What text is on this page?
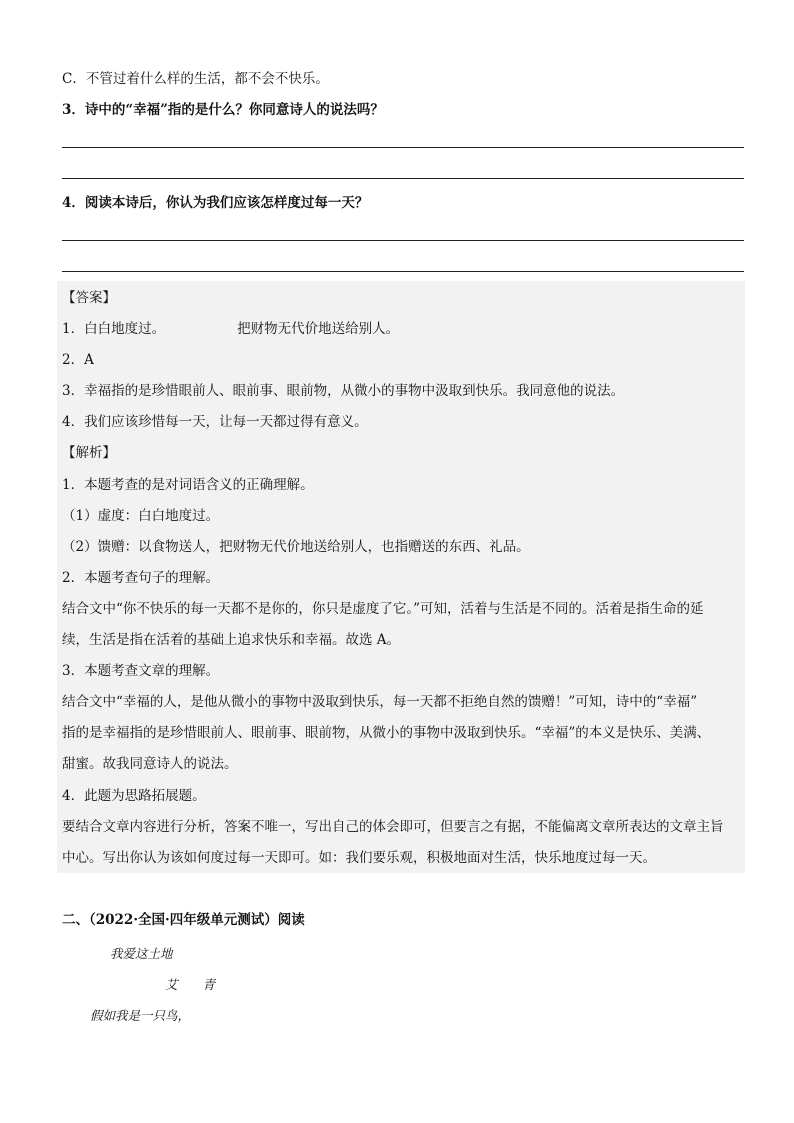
C．不管过着什么样的生活，都不会不快乐。
3．诗中的“幸福”指的是什么？你同意诗人的说法吗？
4．阅读本诗后，你认为我们应该怎样度过每一天？
【答案】
1．白白地度过。	把财物无代价地送给别人。
2．A
3．幸福指的是珍惜眼前人、眼前事、眼前物，从微小的事物中汲取到快乐。我同意他的说法。
4．我们应该珍惜每一天，让每一天都过得有意义。
【解析】
1．本题考查的是对词语含义的正确理解。
（1）虚度：白白地度过。
（2）馈赠：以食物送人，把财物无代价地送给别人，也指赠送的东西、礼品。
2．本题考查句子的理解。
结合文中“你不快乐的每一天都不是你的，你只是虚度了它。”可知，活着与生活是不同的。活着是指生命的延
续，生活是指在活着的基础上追求快乐和幸福。故选 A。
3．本题考查文章的理解。
结合文中“幸福的人，是他从微小的事物中汲取到快乐，每一天都不拒绝自然的馈赠！”可知，诗中的“幸福”
指的是幸福指的是珍惜眼前人、眼前事、眼前物，从微小的事物中汲取到快乐。“幸福”的本义是快乐、美满、
甜蜜。故我同意诗人的说法。
4．此题为思路拓展题。
要结合文章内容进行分析，答案不唯一，写出自己的体会即可，但要言之有据，不能偏离文章所表达的文章主旨
中心。写出你认为该如何度过每一天即可。如：我们要乐观，积极地面对生活，快乐地度过每一天。
二、（2022·全国·四年级单元测试）阅读
我爱这土地
艾　　青
假如我是一只鸟，
